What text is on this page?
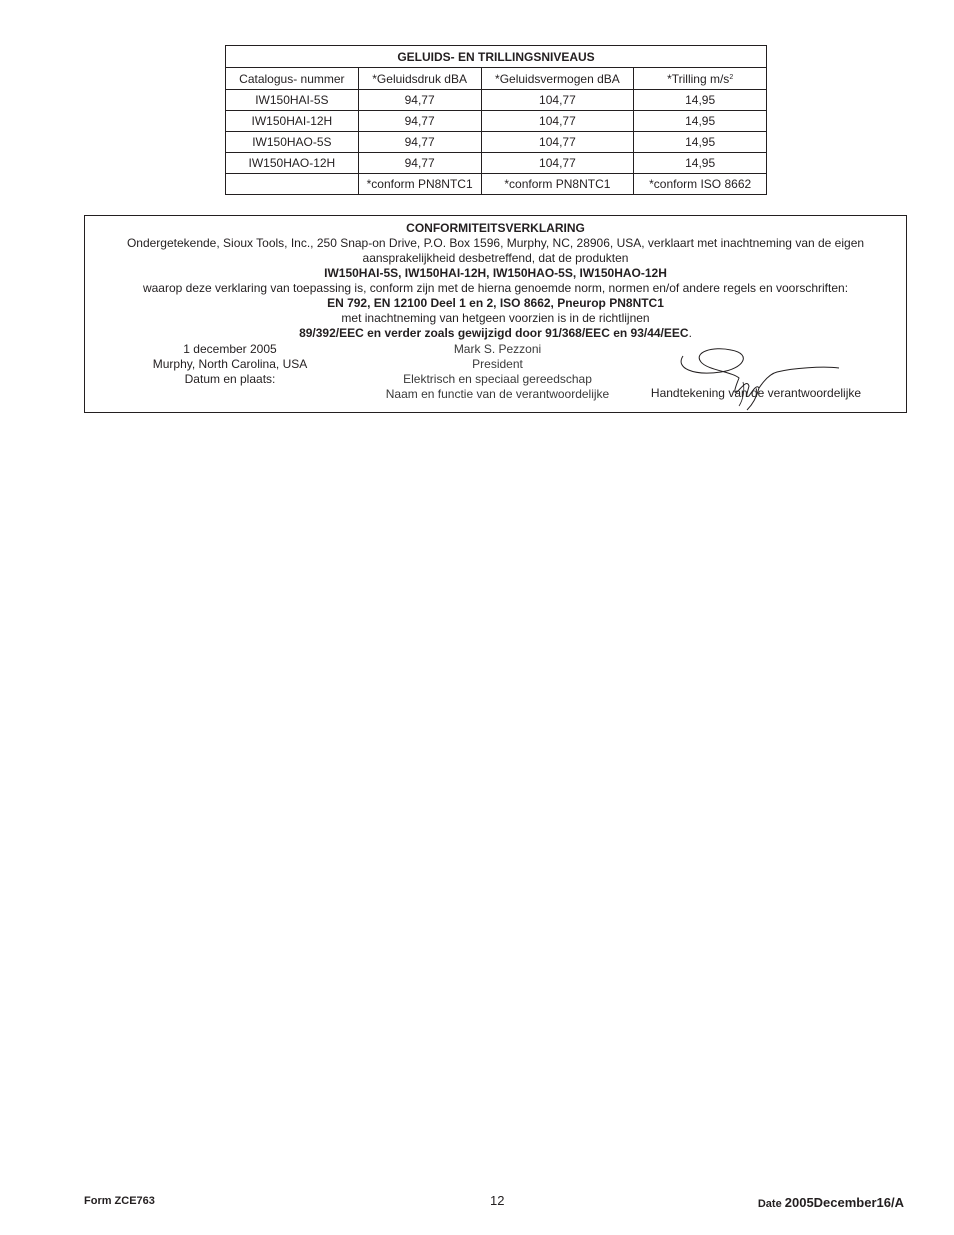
GELUIDS- EN TRILLINGSNIVEAUS			
Catalogus- nummer	*Geluidsdruk dBA	*Geluidsvermogen dBA	*Trilling $m/s^2$
IW150HAI-5S	94,77	104,77	14,95
IW150HAI-12H	94,77	104,77	14,95
IW150HAO-5S	94,77	104,77	14,95
IW150HAO-12H	94,77	104,77	14,95
	*conform PN8NTC1	*conform PN8NTC1	*conform ISO 8662
CONFORMITEITSVERKLARING
Ondergetekende, Sioux Tools, Inc., 250 Snap-on Drive, P.O. Box 1596, Murphy, NC, 28906, USA, verklaart met inachtneming van de eigen
aansprakelijkheid desbetreffend, dat de produkten
IW150HAI-5S, IW150HAI-12H, IW150HAO-5S, IW150HAO-12H
waarop deze verklaring van toepassing is, conform zijn met de hierna genoemde norm, normen en/of andere regels en voorschriften:
EN 792, EN 12100 Deel 1 en 2, ISO 8662, Pneurop PN8NTC1
met inachtneming van hetgeen voorzien is in de richtlijnen
89/392/EEC en verder zoals gewijzigd door 91/368/EEC en 93/44/EEC.
1 december 2005
Murphy, North Carolina, USA
Datum en plaats:
Mark S. Pezzoni
President
Elektrisch en speciaal gereedschap
Naam en functie van de verantwoordelijke	Handtekening van de verantwoordelijke
Form ZCE763	12	Date 2005December16/A
